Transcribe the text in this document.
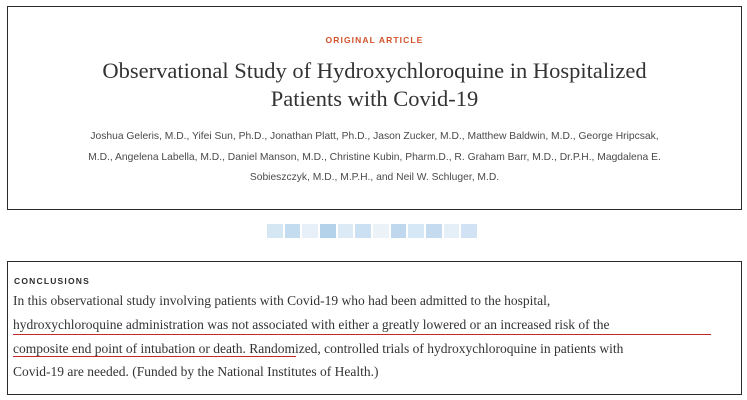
ORIGINAL ARTICLE
Observational Study of Hydroxychloroquine in Hospitalized
Patients with Covid-19
Joshua Geleris, M.D., Yifei Sun, Ph.D., Jonathan Platt, Ph.D., Jason Zucker, M.D., Matthew Baldwin, M.D., George Hripcsak,
M.D., Angelena Labella, M.D., Daniel Manson, M.D., Christine Kubin, Pharm.D., R. Graham Barr, M.D., Dr.P.H., Magdalena E.
Sobieszczyk, M.D., M.P.H., and Neil W. Schluger, M.D.
CONCLUSIONS
In this observational study involving patients with Covid-19 who had been admitted to the hospital,
hydroxychloroquine administration was not associated with either a greatly lowered or an increased risk of the
composite end point of intubation or death. Randomized, controlled trials of hydroxychloroquine in patients with
Covid-19 are needed. (Funded by the National Institutes of Health.)
